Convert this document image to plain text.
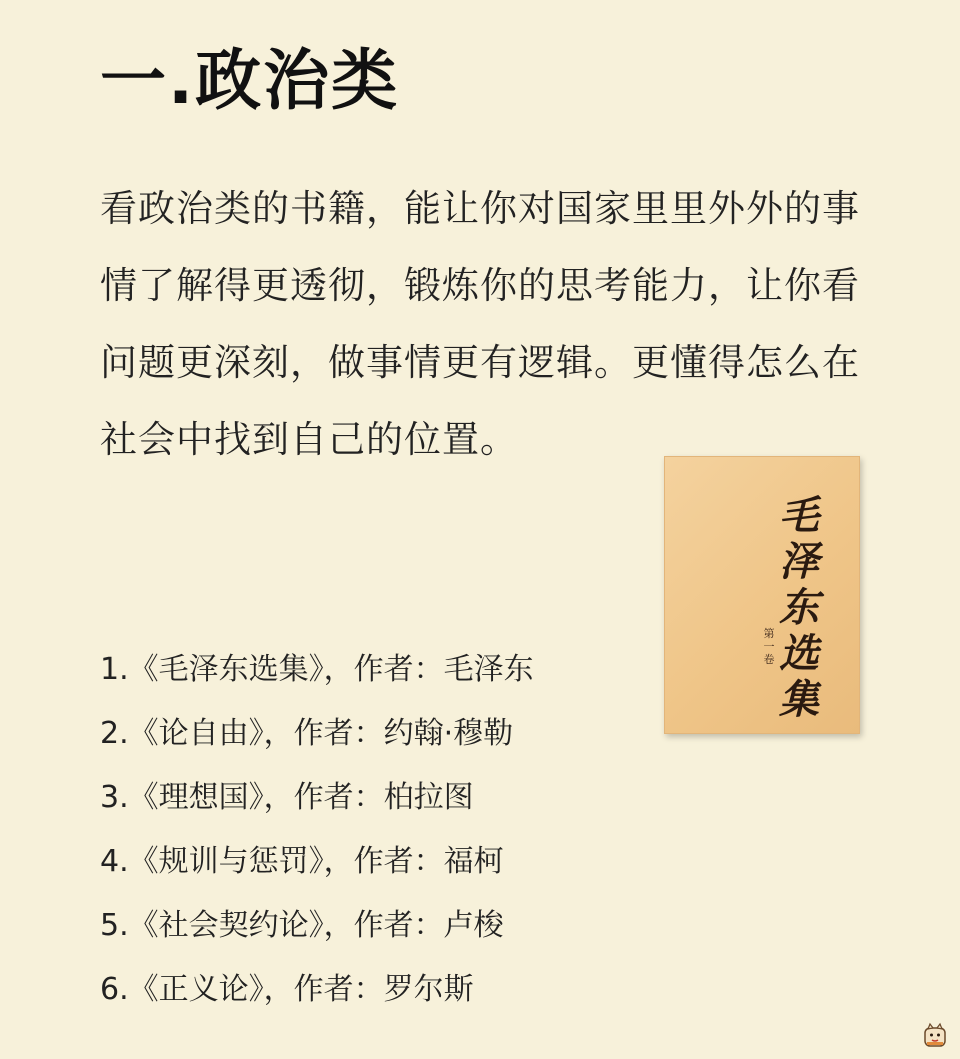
一.政治类
看政治类的书籍，能让你对国家里里外外的事情了解得更透彻，锻炼你的思考能力，让你看问题更深刻，做事情更有逻辑。更懂得怎么在社会中找到自己的位置。
1.《毛泽东选集》，作者：毛泽东
2.《论自由》，作者：约翰·穆勒
3.《理想国》，作者：柏拉图
4.《规训与惩罚》，作者：福柯
5.《社会契约论》，作者：卢梭
6.《正义论》，作者：罗尔斯
毛
泽
东
选
集
第
一
卷
